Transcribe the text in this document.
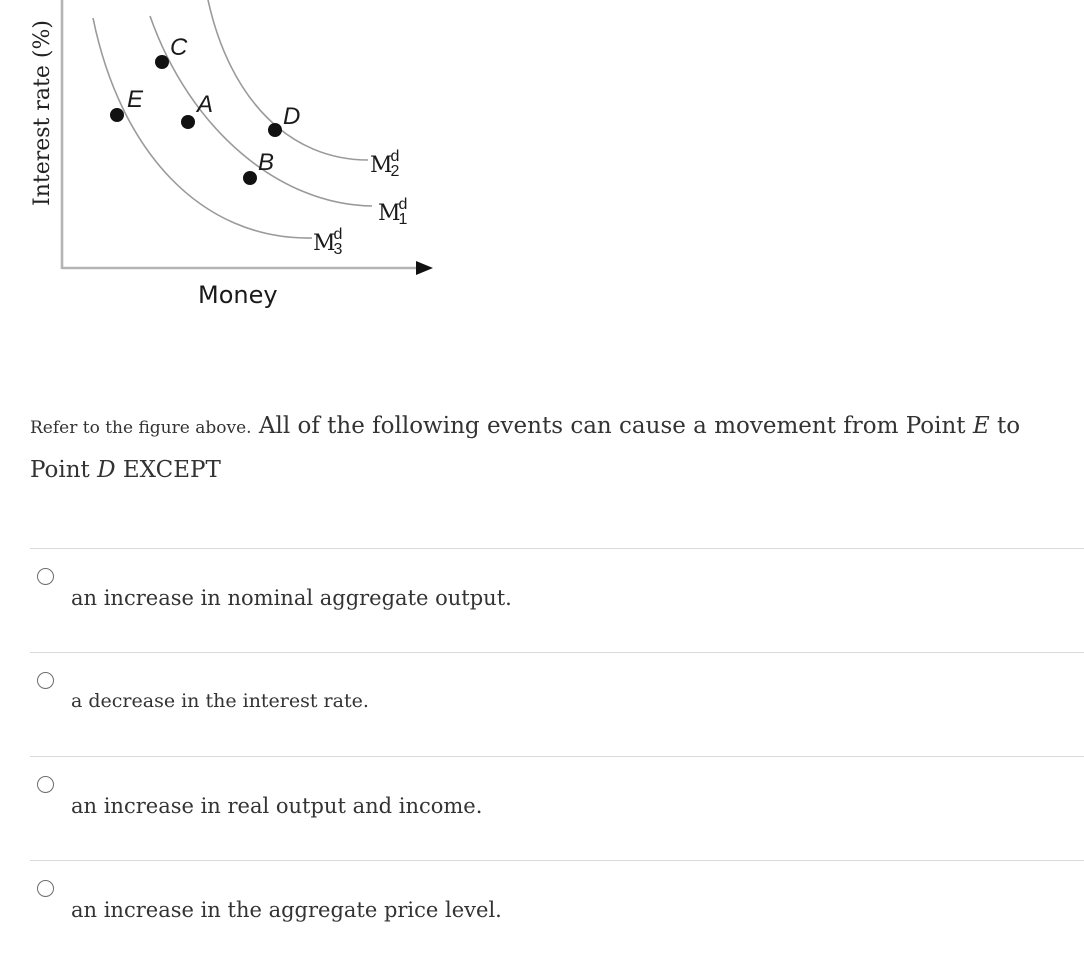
E
C
A	D
B	Md 2
Md 1
Md 3
Interest rate (%)
Money
Refer to the figure above. All of the following events can cause a movement from Point E to Point D EXCEPT
an increase in nominal aggregate output.
a decrease in the interest rate.
an increase in real output and income.
an increase in the aggregate price level.
